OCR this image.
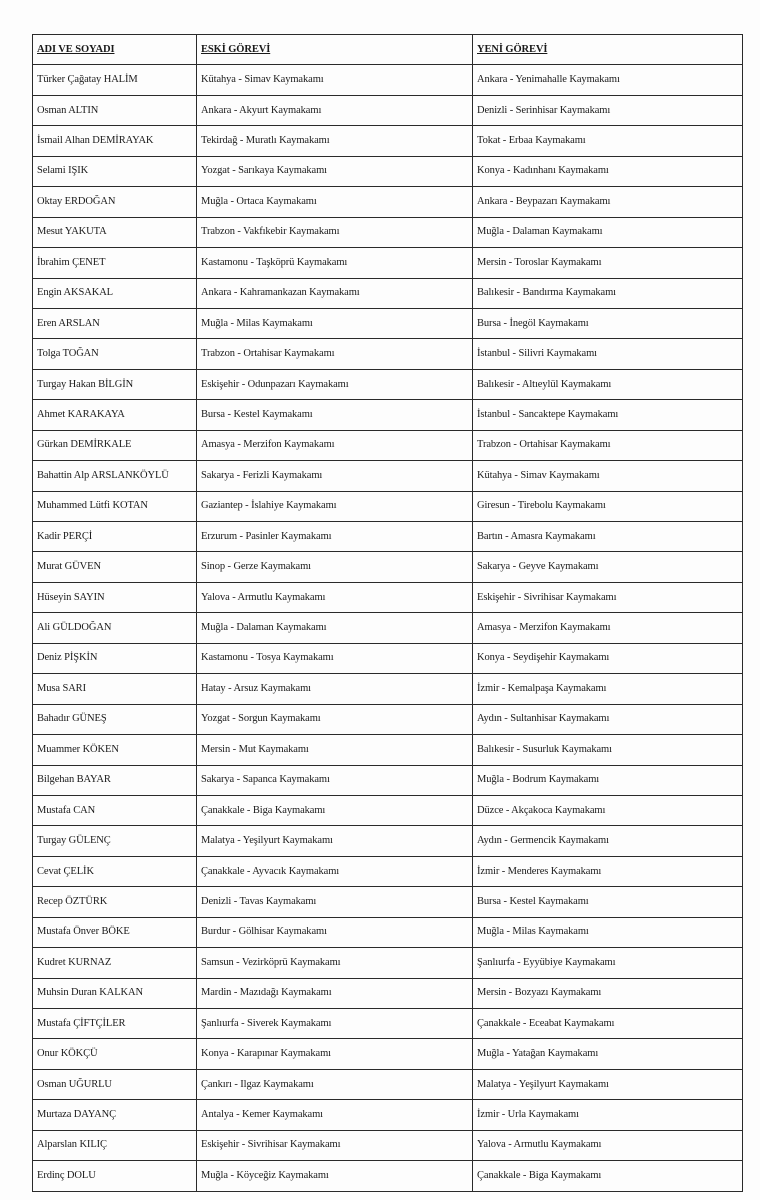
ADI VE SOYADI	ESKİ GÖREVİ	YENİ GÖREVİ
Türker Çağatay HALİM	Kütahya - Simav Kaymakamı	Ankara - Yenimahalle Kaymakamı
Osman ALTIN	Ankara - Akyurt Kaymakamı	Denizli - Serinhisar Kaymakamı
İsmail Alhan DEMİRAYAK	Tekirdağ - Muratlı Kaymakamı	Tokat - Erbaa Kaymakamı
Selami IŞIK	Yozgat - Sarıkaya Kaymakamı	Konya - Kadınhanı Kaymakamı
Oktay ERDOĞAN	Muğla - Ortaca Kaymakamı	Ankara - Beypazarı Kaymakamı
Mesut YAKUTA	Trabzon - Vakfıkebir Kaymakamı	Muğla - Dalaman Kaymakamı
İbrahim ÇENET	Kastamonu - Taşköprü Kaymakamı	Mersin - Toroslar Kaymakamı
Engin AKSAKAL	Ankara - Kahramankazan Kaymakamı	Balıkesir - Bandırma Kaymakamı
Eren ARSLAN	Muğla - Milas Kaymakamı	Bursa - İnegöl Kaymakamı
Tolga TOĞAN	Trabzon - Ortahisar Kaymakamı	İstanbul - Silivri Kaymakamı
Turgay Hakan BİLGİN	Eskişehir - Odunpazarı Kaymakamı	Balıkesir - Altıeylül Kaymakamı
Ahmet KARAKAYA	Bursa - Kestel Kaymakamı	İstanbul - Sancaktepe Kaymakamı
Gürkan DEMİRKALE	Amasya - Merzifon Kaymakamı	Trabzon - Ortahisar Kaymakamı
Bahattin Alp ARSLANKÖYLÜ	Sakarya - Ferizli Kaymakamı	Kütahya - Simav Kaymakamı
Muhammed Lütfi KOTAN	Gaziantep - İslahiye Kaymakamı	Giresun - Tirebolu Kaymakamı
Kadir PERÇİ	Erzurum - Pasinler Kaymakamı	Bartın - Amasra Kaymakamı
Murat GÜVEN	Sinop - Gerze Kaymakamı	Sakarya - Geyve Kaymakamı
Hüseyin SAYIN	Yalova - Armutlu Kaymakamı	Eskişehir - Sivrihisar Kaymakamı
Ali GÜLDOĞAN	Muğla - Dalaman Kaymakamı	Amasya - Merzifon Kaymakamı
Deniz PİŞKİN	Kastamonu - Tosya Kaymakamı	Konya - Seydişehir Kaymakamı
Musa SARI	Hatay - Arsuz Kaymakamı	İzmir - Kemalpaşa Kaymakamı
Bahadır GÜNEŞ	Yozgat - Sorgun Kaymakamı	Aydın - Sultanhisar Kaymakamı
Muammer KÖKEN	Mersin - Mut Kaymakamı	Balıkesir - Susurluk Kaymakamı
Bilgehan BAYAR	Sakarya - Sapanca Kaymakamı	Muğla - Bodrum Kaymakamı
Mustafa CAN	Çanakkale - Biga Kaymakamı	Düzce - Akçakoca Kaymakamı
Turgay GÜLENÇ	Malatya - Yeşilyurt Kaymakamı	Aydın - Germencik Kaymakamı
Cevat ÇELİK	Çanakkale - Ayvacık Kaymakamı	İzmir - Menderes Kaymakamı
Recep ÖZTÜRK	Denizli - Tavas Kaymakamı	Bursa - Kestel Kaymakamı
Mustafa Önver BÖKE	Burdur - Gölhisar Kaymakamı	Muğla - Milas Kaymakamı
Kudret KURNAZ	Samsun - Vezirköprü Kaymakamı	Şanlıurfa - Eyyübiye Kaymakamı
Muhsin Duran KALKAN	Mardin - Mazıdağı Kaymakamı	Mersin - Bozyazı Kaymakamı
Mustafa ÇİFTÇİLER	Şanlıurfa - Siverek Kaymakamı	Çanakkale - Eceabat Kaymakamı
Onur KÖKÇÜ	Konya - Karapınar Kaymakamı	Muğla - Yatağan Kaymakamı
Osman UĞURLU	Çankırı - Ilgaz Kaymakamı	Malatya - Yeşilyurt Kaymakamı
Murtaza DAYANÇ	Antalya - Kemer Kaymakamı	İzmir - Urla Kaymakamı
Alparslan KILIÇ	Eskişehir - Sivrihisar Kaymakamı	Yalova - Armutlu Kaymakamı
Erdinç DOLU	Muğla - Köyceğiz Kaymakamı	Çanakkale - Biga Kaymakamı
